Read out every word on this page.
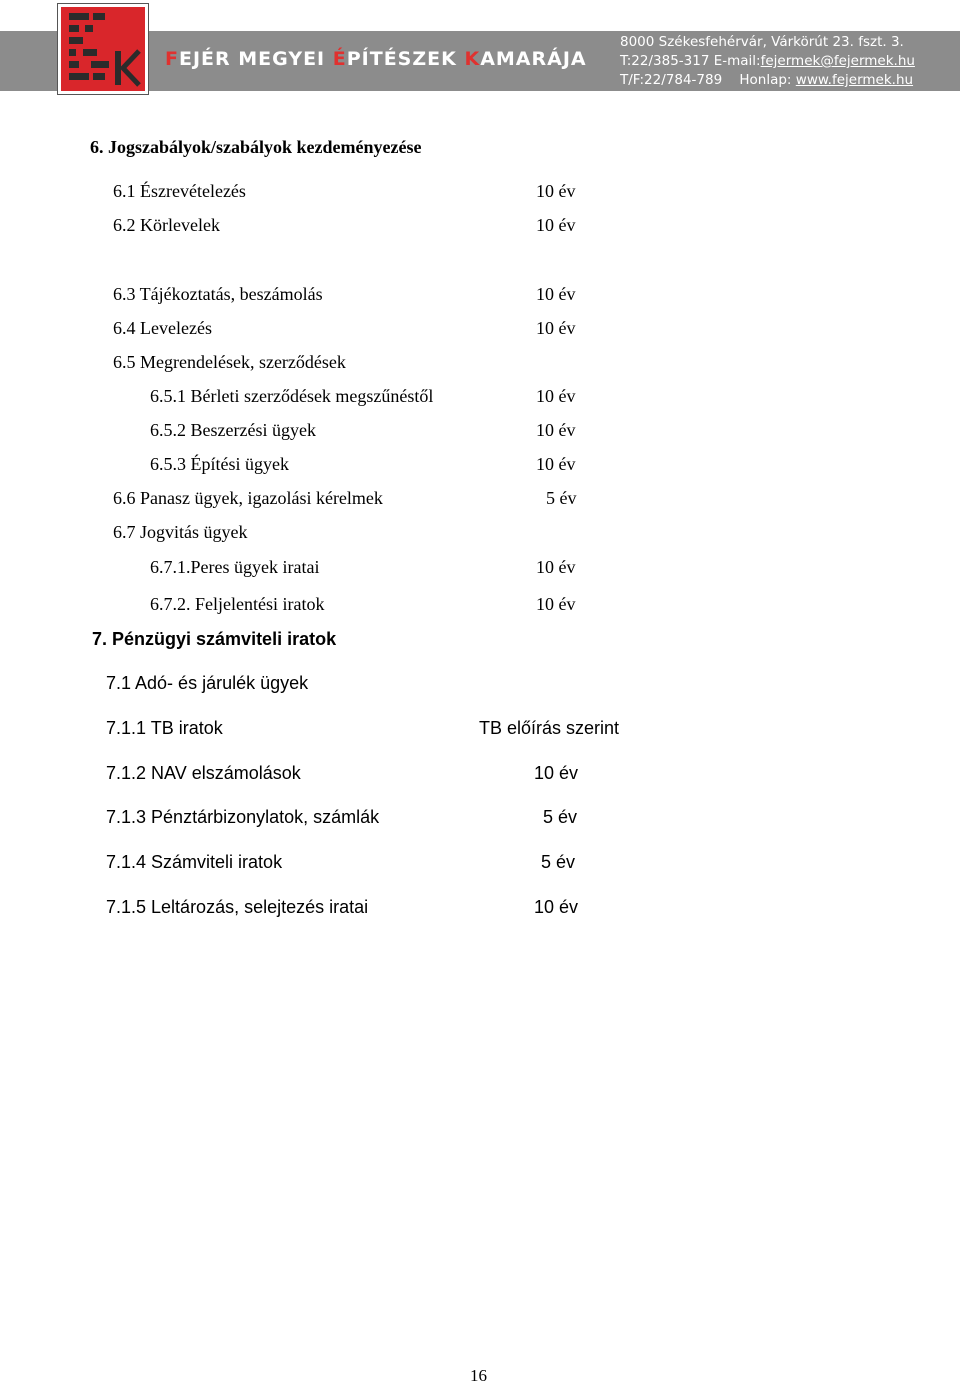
FEJÉR MEGYEI ÉPÍTÉSZEK KAMARÁJA
8000 Székesfehérvár, Várkörút 23. fszt. 3.
T:22/385-317 E-mail:fejermek@fejermek.hu
T/F:22/784-789 Honlap: www.fejermek.hu
6. Jogszabályok/szabályok kezdeményezése
6.1 Észrevételezés	10 év
6.2 Körlevelek	10 év
6.3 Tájékoztatás, beszámolás	10 év
6.4 Levelezés	10 év
6.5 Megrendelések, szerződések
6.5.1 Bérleti szerződések megszűnéstől	10 év
6.5.2 Beszerzési ügyek	10 év
6.5.3 Építési ügyek	10 év
6.6 Panasz ügyek, igazolási kérelmek	5 év
6.7 Jogvitás ügyek
6.7.1.Peres ügyek iratai	10 év
6.7.2. Feljelentési iratok	10 év
7. Pénzügyi számviteli iratok
7.1 Adó- és járulék ügyek
7.1.1 TB iratok	TB előírás szerint
7.1.2 NAV elszámolások	10 év
7.1.3 Pénztárbizonylatok, számlák	5 év
7.1.4 Számviteli iratok	5 év
7.1.5 Leltározás, selejtezés iratai	10 év
16
